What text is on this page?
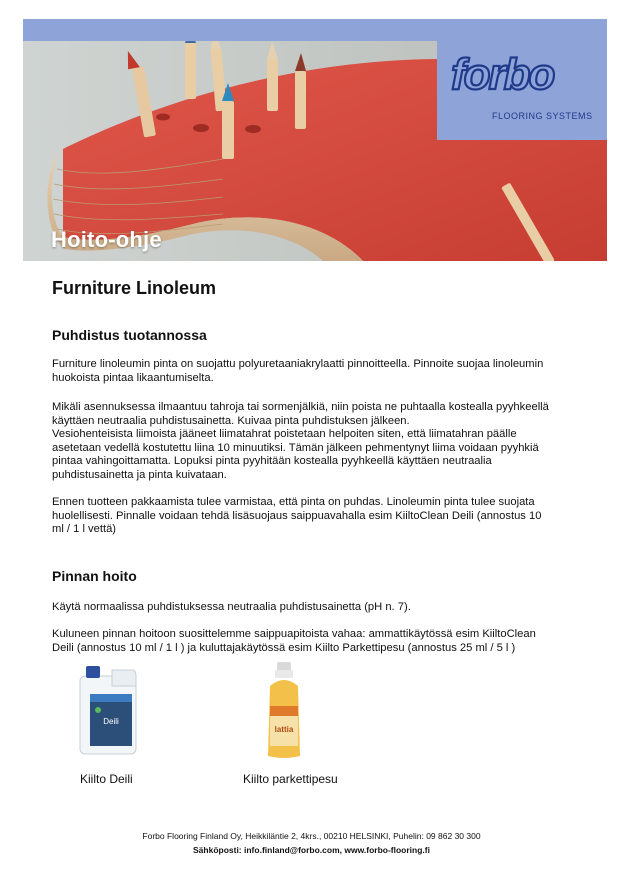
forbo
FLOORING SYSTEMS
Hoito-ohje
Furniture Linoleum
Puhdistus tuotannossa

Furniture linoleumin pinta on suojattu polyuretaaniakrylaatti pinnoitteella. Pinnoite suojaa linoleumin
huokoista pintaa likaantumiselta.

Mikäli asennuksessa ilmaantuu tahroja tai sormenjälkiä, niin poista ne puhtaalla kostealla pyyhkeellä
käyttäen neutraalia puhdistusainetta. Kuivaa pinta puhdistuksen jälkeen.
Vesiohenteisista liimoista jääneet liimatahrat poistetaan helpoiten siten, että liimatahran päälle
asetetaan vedellä kostutettu liina 10 minuutiksi. Tämän jälkeen pehmentynyt liima voidaan pyyhkiä
pintaa vahingoittamatta. Lopuksi pinta pyyhitään kostealla pyyhkeellä käyttäen neutraalia
puhdistusainetta ja pinta kuivataan.

Ennen tuotteen pakkaamista tulee varmistaa, että pinta on puhdas. Linoleumin pinta tulee suojata
huolellisesti. Pinnalle voidaan tehdä lisäsuojaus saippuavahalla esim KiiltoClean Deili (annostus 10
ml / 1 l vettä)

Pinnan hoito

Käytä normaalissa puhdistuksessa neutraalia puhdistusainetta (pH n. 7).

Kuluneen pinnan hoitoon suosittelemme saippuapitoista vahaa: ammattikäytössä esim KiiltoClean
Deili (annostus 10 ml / 1 l ) ja kuluttajakäytössä esim Kiilto Parkettipesu (annostus 25 ml / 5 l )

Deili
Kiilto Deili
lattia
Kiilto parkettipesu
Forbo Flooring Finland Oy, Heikkiläntie 2, 4krs., 00210 HELSINKI, Puhelin: 09 862 30 300
Sähköposti: info.finland@forbo.com, www.forbo-flooring.fi
